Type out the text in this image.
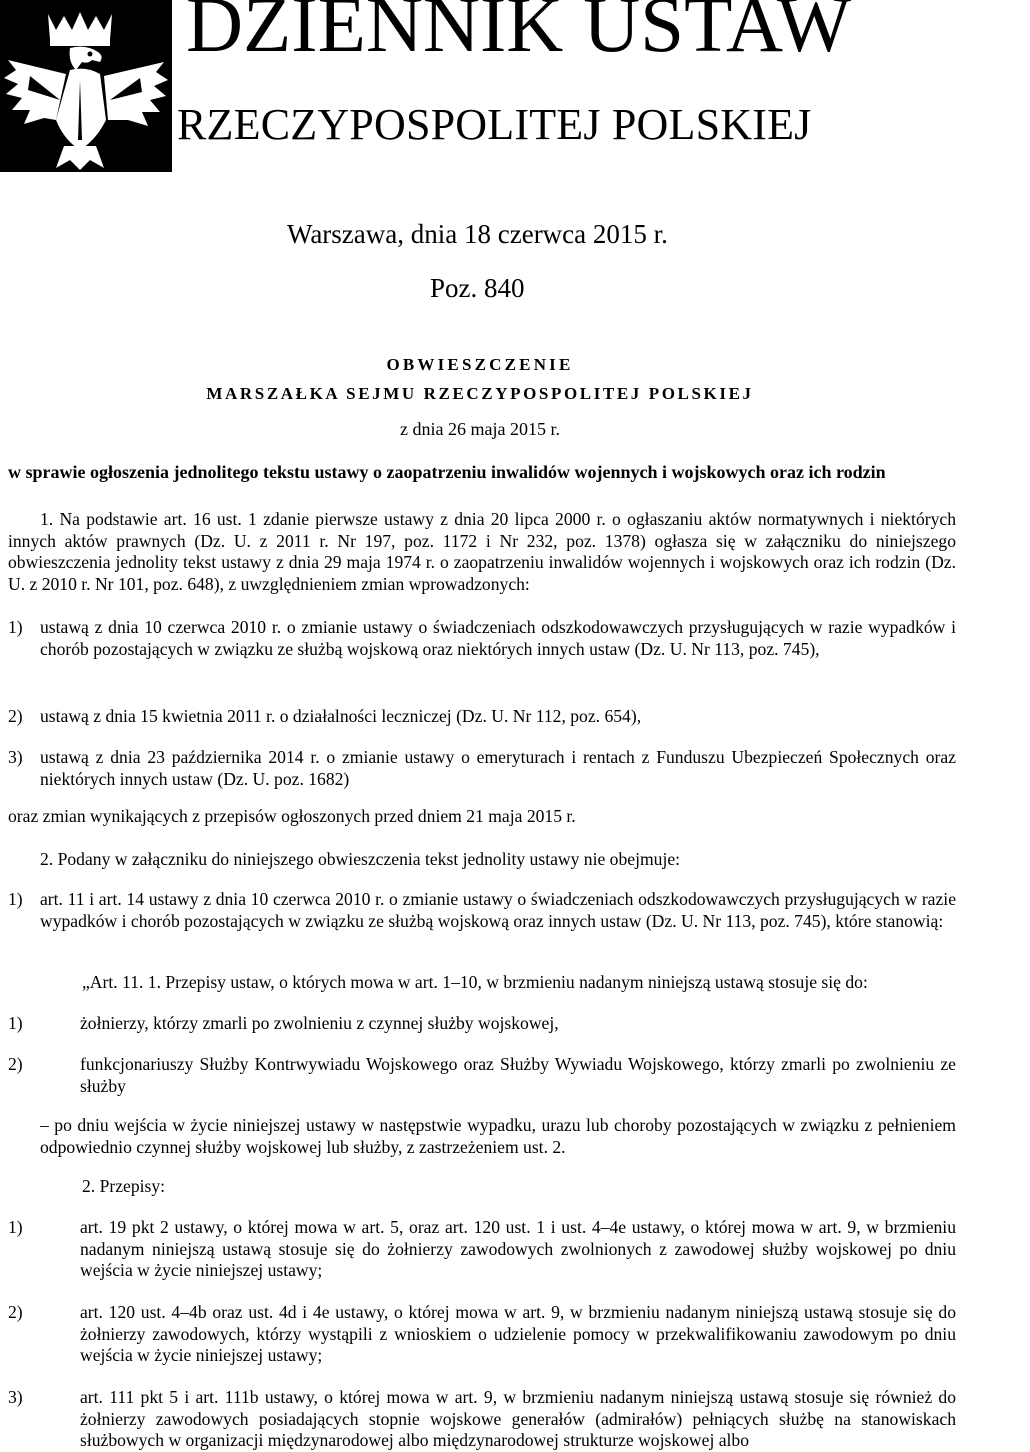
DZIENNIK USTAW
RZECZYPOSPOLITEJ POLSKIEJ
Warszawa, dnia 18 czerwca 2015 r.
Poz. 840
OBWIESZCZENIE
MARSZAŁKA SEJMU RZECZYPOSPOLITEJ POLSKIEJ
z dnia 26 maja 2015 r.
w sprawie ogłoszenia jednolitego tekstu ustawy o zaopatrzeniu inwalidów wojennych i wojskowych oraz ich rodzin
1. Na podstawie art. 16 ust. 1 zdanie pierwsze ustawy z dnia 20 lipca 2000 r. o ogłaszaniu aktów normatywnych i niektórych innych aktów prawnych (Dz. U. z 2011 r. Nr 197, poz. 1172 i Nr 232, poz. 1378) ogłasza się w załączniku do niniejszego obwieszczenia jednolity tekst ustawy z dnia 29 maja 1974 r. o zaopatrzeniu inwalidów wojennych i wojskowych oraz ich rodzin (Dz. U. z 2010 r. Nr 101, poz. 648), z uwzględnieniem zmian wprowadzonych:
1) ustawą z dnia 10 czerwca 2010 r. o zmianie ustawy o świadczeniach odszkodowawczych przysługujących w razie wypadków i chorób pozostających w związku ze służbą wojskową oraz niektórych innych ustaw (Dz. U. Nr 113, poz. 745),
2) ustawą z dnia 15 kwietnia 2011 r. o działalności leczniczej (Dz. U. Nr 112, poz. 654),
3) ustawą z dnia 23 października 2014 r. o zmianie ustawy o emeryturach i rentach z Funduszu Ubezpieczeń Społecznych oraz niektórych innych ustaw (Dz. U. poz. 1682)
oraz zmian wynikających z przepisów ogłoszonych przed dniem 21 maja 2015 r.
2. Podany w załączniku do niniejszego obwieszczenia tekst jednolity ustawy nie obejmuje:
1) art. 11 i art. 14 ustawy z dnia 10 czerwca 2010 r. o zmianie ustawy o świadczeniach odszkodowawczych przysługujących w razie wypadków i chorób pozostających w związku ze służbą wojskową oraz innych ustaw (Dz. U. Nr 113, poz. 745), które stanowią:
„Art. 11. 1. Przepisy ustaw, o których mowa w art. 1–10, w brzmieniu nadanym niniejszą ustawą stosuje się do:
1)	żołnierzy, którzy zmarli po zwolnieniu z czynnej służby wojskowej,
2)	funkcjonariuszy Służby Kontrwywiadu Wojskowego oraz Służby Wywiadu Wojskowego, którzy zmarli po zwolnieniu ze służby
– po dniu wejścia w życie niniejszej ustawy w następstwie wypadku, urazu lub choroby pozostających w związku z pełnieniem odpowiednio czynnej służby wojskowej lub służby, z zastrzeżeniem ust. 2.
2. Przepisy:
1)	art. 19 pkt 2 ustawy, o której mowa w art. 5, oraz art. 120 ust. 1 i ust. 4–4e ustawy, o której mowa w art. 9, w brzmieniu nadanym niniejszą ustawą stosuje się do żołnierzy zawodowych zwolnionych z zawodowej służby wojskowej po dniu wejścia w życie niniejszej ustawy;
2)	art. 120 ust. 4–4b oraz ust. 4d i 4e ustawy, o której mowa w art. 9, w brzmieniu nadanym niniejszą ustawą stosuje się do żołnierzy zawodowych, którzy wystąpili z wnioskiem o udzielenie pomocy w przekwalifikowaniu zawodowym po dniu wejścia w życie niniejszej ustawy;
3)	art. 111 pkt 5 i art. 111b ustawy, o której mowa w art. 9, w brzmieniu nadanym niniejszą ustawą stosuje się również do żołnierzy zawodowych posiadających stopnie wojskowe generałów (admirałów) pełniących służbę na stanowiskach służbowych w organizacji międzynarodowej albo międzynarodowej strukturze wojskowej albo
